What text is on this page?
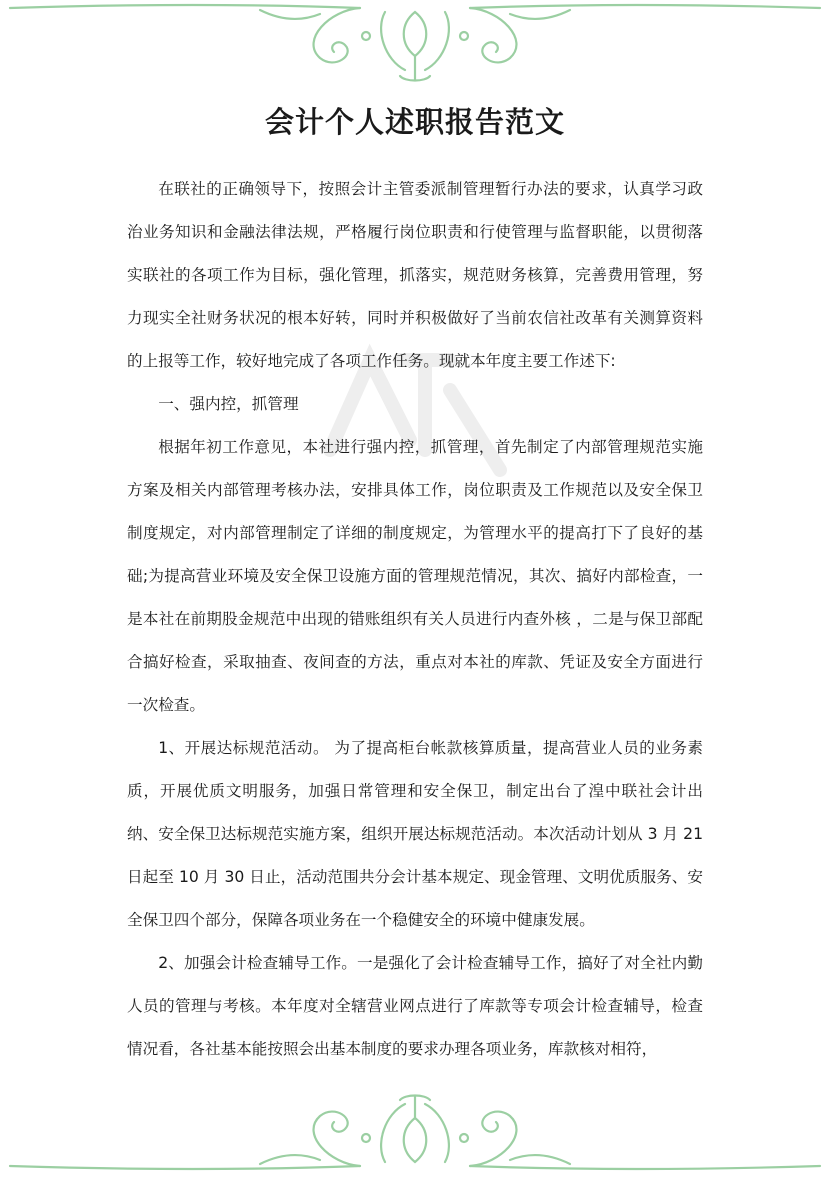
会计个人述职报告范文

在联社的正确领导下，按照会计主管委派制管理暂行办法的要求，认真学习政治业务知识和金融法律法规，严格履行岗位职责和行使管理与监督职能，以贯彻落实联社的各项工作为目标，强化管理，抓落实，规范财务核算，完善费用管理，努力现实全社财务状况的根本好转，同时并积极做好了当前农信社改革有关测算资料的上报等工作，较好地完成了各项工作任务。现就本年度主要工作述下:

一、强内控，抓管理

根据年初工作意见，本社进行强内控，抓管理，首先制定了内部管理规范实施方案及相关内部管理考核办法，安排具体工作，岗位职责及工作规范以及安全保卫制度规定，对内部管理制定了详细的制度规定，为管理水平的提高打下了良好的基础;为提高营业环境及安全保卫设施方面的管理规范情况，其次、搞好内部检查，一是本社在前期股金规范中出现的错账组织有关人员进行内查外核 ，二是与保卫部配合搞好检查，采取抽查、夜间查的方法，重点对本社的库款、凭证及安全方面进行一次检查。

1、开展达标规范活动。 为了提高柜台帐款核算质量，提高营业人员的业务素质，开展优质文明服务，加强日常管理和安全保卫，制定出台了湟中联社会计出纳、安全保卫达标规范实施方案，组织开展达标规范活动。本次活动计划从 3 月 21 日起至 10 月 30 日止，活动范围共分会计基本规定、现金管理、文明优质服务、安全保卫四个部分，保障各项业务在一个稳健安全的环境中健康发展。

2、加强会计检查辅导工作。一是强化了会计检查辅导工作，搞好了对全社内勤人员的管理与考核。本年度对全辖营业网点进行了库款等专项会计检查辅导，检查情况看，各社基本能按照会出基本制度的要求办理各项业务，库款核对相符，
